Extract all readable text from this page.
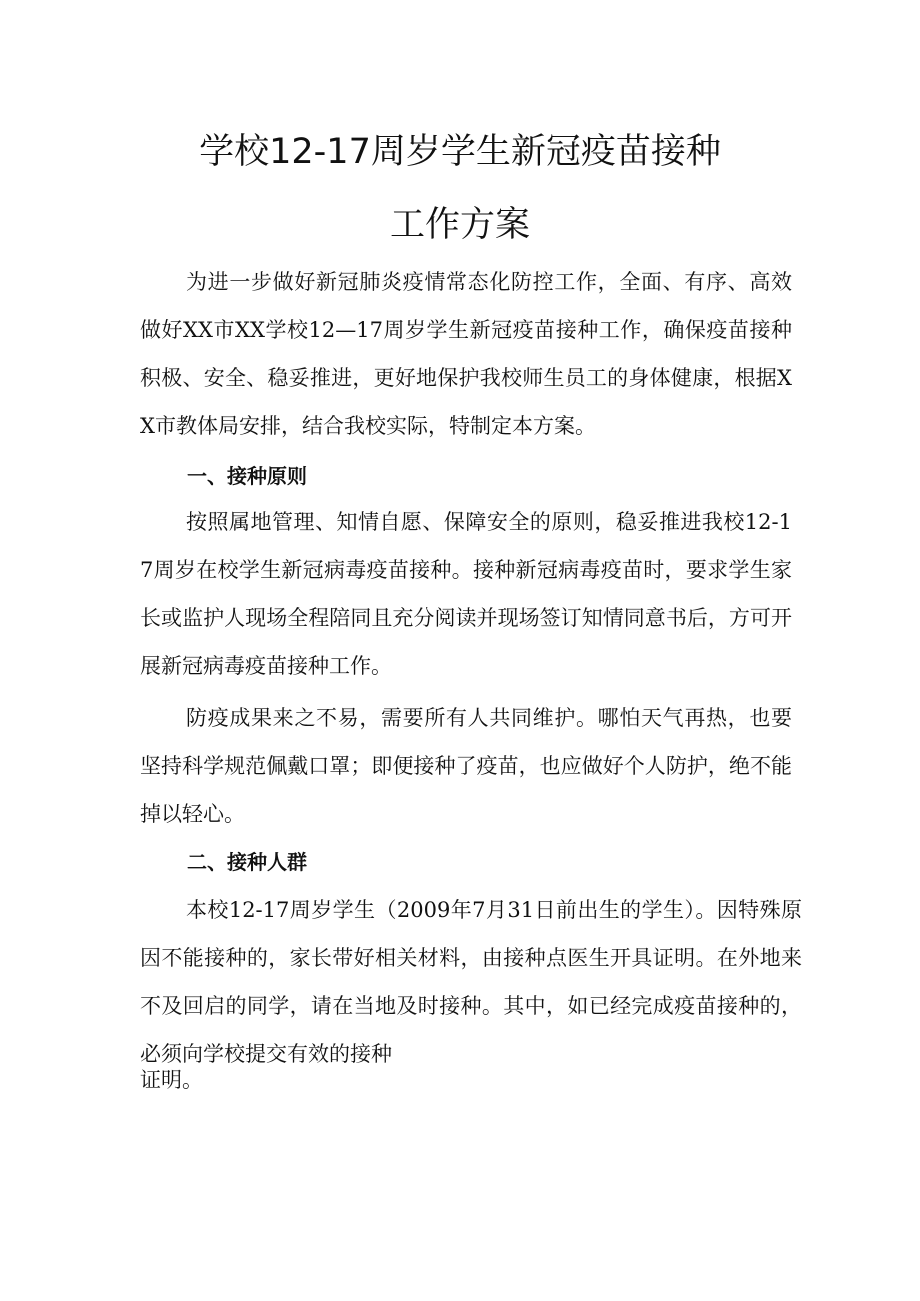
学校12-17周岁学生新冠疫苗接种
工作方案

为进一步做好新冠肺炎疫情常态化防控工作，全面、有序、高效做好XX市XX学校12—17周岁学生新冠疫苗接种工作，确保疫苗接种积极、安全、稳妥推进，更好地保护我校师生员工的身体健康，根据XX市教体局安排，结合我校实际，特制定本方案。

一、接种原则

按照属地管理、知情自愿、保障安全的原则，稳妥推进我校12-17周岁在校学生新冠病毒疫苗接种。接种新冠病毒疫苗时，要求学生家长或监护人现场全程陪同且充分阅读并现场签订知情同意书后，方可开展新冠病毒疫苗接种工作。

防疫成果来之不易，需要所有人共同维护。哪怕天气再热，也要坚持科学规范佩戴口罩；即便接种了疫苗，也应做好个人防护，绝不能掉以轻心。

二、接种人群

本校12-17周岁学生（2009年7月31日前出生的学生）。因特殊原因不能接种的，家长带好相关材料，由接种点医生开具证明。在外地来不及回启的同学，请在当地及时接种。其中，如已经完成疫苗接种的，必须向学校提交有效的接种

证明。
